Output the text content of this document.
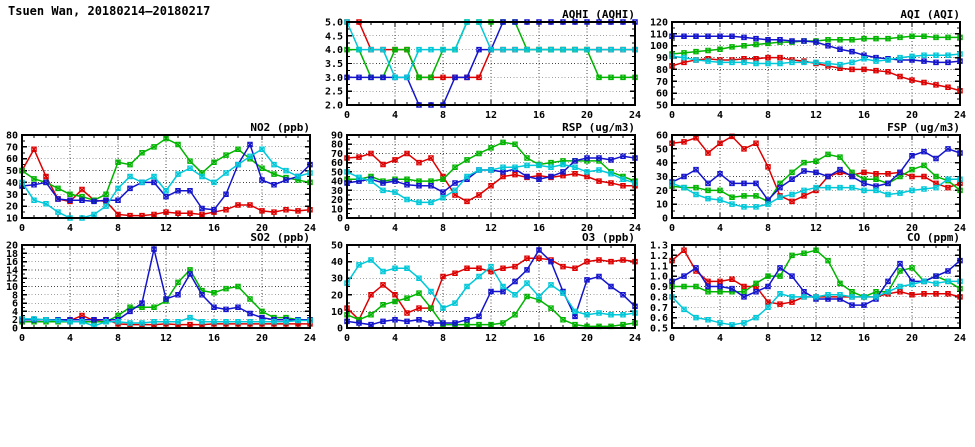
Tsuen Wan, 20180214–20180217
2.0
2.5
3.0
3.5
4.0
4.5
5.0
0	4	8	12	16	20	24
AQHI (AQHI)
50
60
70
80
90
100
110
120
0	4	8	12	16	20	24
AQI (AQI)
10
20
30
40
50
60
70
80
0	4	8	12	16	20	24
NO2 (ppb)
0
10
20
30
40
50
60
70
80
90
0	4	8	12	16	20	24
RSP (ug/m3)
0
10
20
30
40
50
60
0	4	8	12	16	20	24
FSP (ug/m3)
0
2
4
6
8
10
12
14
16
18
20
0	4	8	12	16	20	24
SO2 (ppb)
0
10
20
30
40
50
0	4	8	12	16	20	24
O3 (ppb)
0.5
0.6
0.7
0.8
0.9
1.0
1.1
1.2
1.3
0	4	8	12	16	20	24
CO (ppm)
